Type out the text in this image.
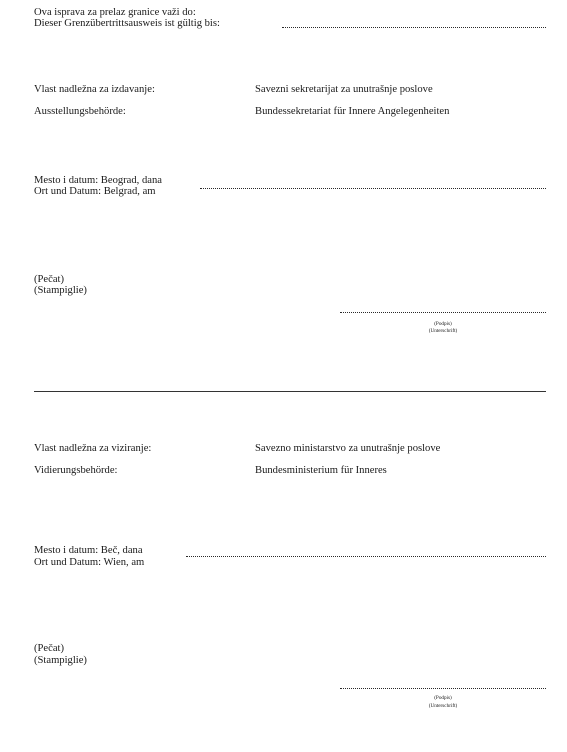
Ova isprava za prelaz granice važi do:
Dieser Grenzübertrittsausweis ist gültig bis:
Vlast nadležna za izdavanje:	Savezni sekretarijat za unutrašnje poslove
Ausstellungsbehörde:	Bundessekretariat für Innere Angelegenheiten
Mesto i datum: Beograd, dana
Ort und Datum: Belgrad, am
(Pečat)
(Stampiglie)
(Podpis)
(Unterschrift)
Vlast nadležna za viziranje:	Savezno ministarstvo za unutrašnje poslove
Vidierungsbehörde:	Bundesministerium für Inneres
Mesto i datum: Beč, dana
Ort und Datum: Wien, am
(Pečat)
(Stampiglie)
(Podpis)
(Unterschrift)
